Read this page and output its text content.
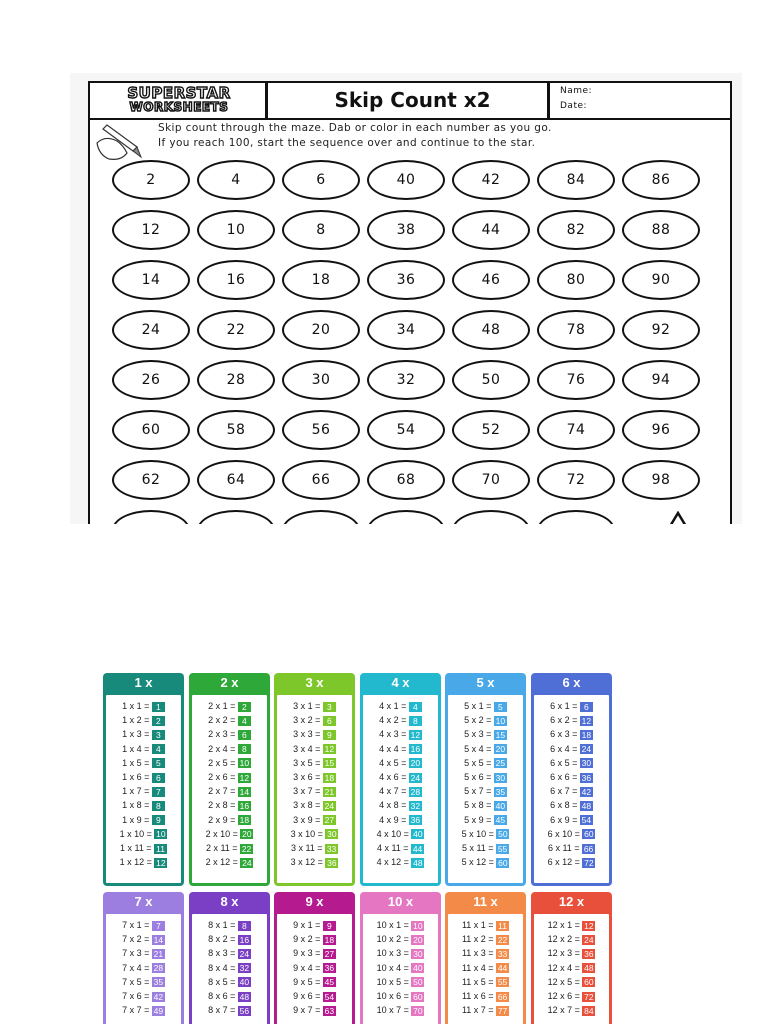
SUPERSTAR
WORKSHEETS	Skip Count x2	Name:
Date:
Skip count through the maze. Dab or color in each number as you go.
If you reach 100, start the sequence over and continue to the star.
2	4	6	40	42	84	86
12	10	8	38	44	82	88
14	16	18	36	46	80	90
24	22	20	34	48	78	92
26	28	30	32	50	76	94
60	58	56	54	52	74	96
62	64	66	68	70	72	98
1 x
1 x 1 = 1
1 x 2 = 2
1 x 3 = 3
1 x 4 = 4
1 x 5 = 5
1 x 6 = 6
1 x 7 = 7
1 x 8 = 8
1 x 9 = 9
1 x 10 = 10
1 x 11 = 11
1 x 12 = 12
2 x
2 x 1 = 2
2 x 2 = 4
2 x 3 = 6
2 x 4 = 8
2 x 5 = 10
2 x 6 = 12
2 x 7 = 14
2 x 8 = 16
2 x 9 = 18
2 x 10 = 20
2 x 11 = 22
2 x 12 = 24
3 x
3 x 1 = 3
3 x 2 = 6
3 x 3 = 9
3 x 4 = 12
3 x 5 = 15
3 x 6 = 18
3 x 7 = 21
3 x 8 = 24
3 x 9 = 27
3 x 10 = 30
3 x 11 = 33
3 x 12 = 36
4 x
4 x 1 = 4
4 x 2 = 8
4 x 3 = 12
4 x 4 = 16
4 x 5 = 20
4 x 6 = 24
4 x 7 = 28
4 x 8 = 32
4 x 9 = 36
4 x 10 = 40
4 x 11 = 44
4 x 12 = 48
5 x
5 x 1 = 5
5 x 2 = 10
5 x 3 = 15
5 x 4 = 20
5 x 5 = 25
5 x 6 = 30
5 x 7 = 35
5 x 8 = 40
5 x 9 = 45
5 x 10 = 50
5 x 11 = 55
5 x 12 = 60
6 x
6 x 1 = 6
6 x 2 = 12
6 x 3 = 18
6 x 4 = 24
6 x 5 = 30
6 x 6 = 36
6 x 7 = 42
6 x 8 = 48
6 x 9 = 54
6 x 10 = 60
6 x 11 = 66
6 x 12 = 72
7 x
7 x 1 = 7
7 x 2 = 14
7 x 3 = 21
7 x 4 = 28
7 x 5 = 35
7 x 6 = 42
7 x 7 = 49
8 x
8 x 1 = 8
8 x 2 = 16
8 x 3 = 24
8 x 4 = 32
8 x 5 = 40
8 x 6 = 48
8 x 7 = 56
9 x
9 x 1 = 9
9 x 2 = 18
9 x 3 = 27
9 x 4 = 36
9 x 5 = 45
9 x 6 = 54
9 x 7 = 63
10 x
10 x 1 = 10
10 x 2 = 20
10 x 3 = 30
10 x 4 = 40
10 x 5 = 50
10 x 6 = 60
10 x 7 = 70
11 x
11 x 1 = 11
11 x 2 = 22
11 x 3 = 33
11 x 4 = 44
11 x 5 = 55
11 x 6 = 66
11 x 7 = 77
12 x
12 x 1 = 12
12 x 2 = 24
12 x 3 = 36
12 x 4 = 48
12 x 5 = 60
12 x 6 = 72
12 x 7 = 84
